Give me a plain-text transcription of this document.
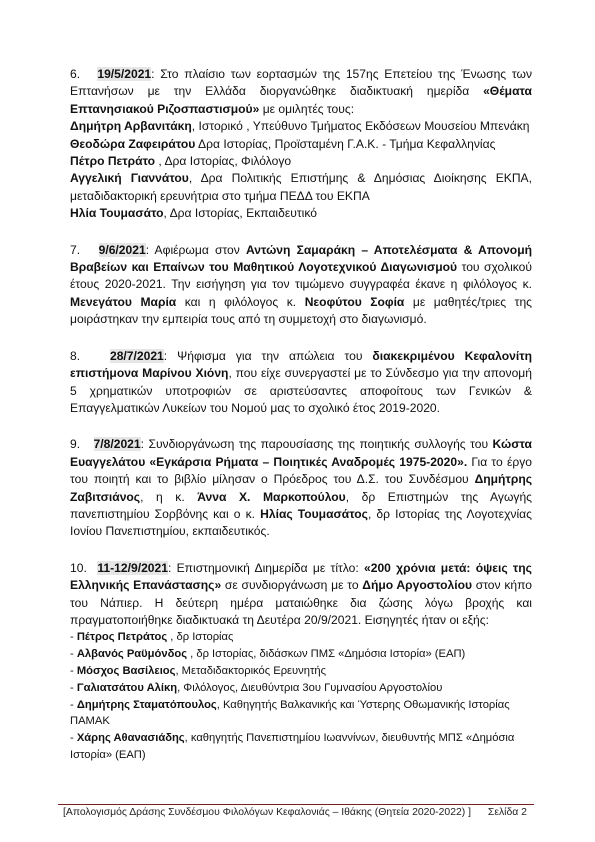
6. 19/5/2021: Στο πλαίσιο των εορτασμών της 157ης Επετείου της Ένωσης των Επτανήσων με την Ελλάδα διοργανώθηκε διαδικτυακή ημερίδα «Θέματα Επτανησιακού Ριζοσπαστισμού» με ομιλητές τους:

Δημήτρη Αρβανιτάκη, Ιστορικό , Υπεύθυνο Τμήματος Εκδόσεων Μουσείου Μπενάκη

Θεοδώρα Ζαφειράτου Δρα Ιστορίας, Προϊσταμένη Γ.Α.Κ. - Τμήμα Κεφαλληνίας

Πέτρο Πετράτο , Δρα Ιστορίας, Φιλόλογο

Αγγελική Γιαννάτου, Δρα Πολιτικής Επιστήμης & Δημόσιας Διοίκησης ΕΚΠΑ, μεταδιδακτορική ερευνήτρια στο τμήμα ΠΕΔΔ του ΕΚΠΑ

Ηλία Τουμασάτο, Δρα Ιστορίας, Εκπαιδευτικό

7. 9/6/2021: Αφιέρωμα στον Αντώνη Σαμαράκη – Αποτελέσματα & Απονομή Βραβείων και Επαίνων του Μαθητικού Λογοτεχνικού Διαγωνισμού του σχολικού έτους 2020-2021. Την εισήγηση για τον τιμώμενο συγγραφέα έκανε η φιλόλογος κ. Μενεγάτου Μαρία και η φιλόλογος κ. Νεοφύτου Σοφία με μαθητές/τριες της μοιράστηκαν την εμπειρία τους από τη συμμετοχή στο διαγωνισμό.

8. 28/7/2021: Ψήφισμα για την απώλεια του διακεκριμένου Κεφαλονίτη επιστήμονα Μαρίνου Χιόνη, που είχε συνεργαστεί με το Σύνδεσμο για την απονομή 5 χρηματικών υποτροφιών σε αριστεύσαντες αποφοίτους των Γενικών & Επαγγελματικών Λυκείων του Νομού μας το σχολικό έτος 2019-2020.

9. 7/8/2021: Συνδιοργάνωση της παρουσίασης της ποιητικής συλλογής του Κώστα Ευαγγελάτου «Εγκάρσια Ρήματα – Ποιητικές Αναδρομές 1975-2020». Για το έργο του ποιητή και το βιβλίο μίλησαν ο Πρόεδρος του Δ.Σ. του Συνδέσμου Δημήτρης Ζαβιτσιάνος, η κ. Άννα Χ. Μαρκοπούλου, δρ Επιστημών της Αγωγής πανεπιστημίου Σορβόνης και ο κ. Ηλίας Τουμασάτος, δρ Ιστορίας της Λογοτεχνίας Ιονίου Πανεπιστημίου, εκπαιδευτικός.

10. 11-12/9/2021: Επιστημονική Διημερίδα με τίτλο: «200 χρόνια μετά: όψεις της Ελληνικής Επανάστασης» σε συνδιοργάνωση με το Δήμο Αργοστολίου στον κήπο του Νάπιερ. Η δεύτερη ημέρα ματαιώθηκε δια ζώσης λόγω βροχής και πραγματοποιήθηκε διαδικτυακά τη Δευτέρα 20/9/2021. Εισηγητές ήταν οι εξής:

- Πέτρος Πετράτος , δρ Ιστορίας
- Αλβανός Ραϋμόνδος , δρ Ιστορίας, διδάσκων ΠΜΣ «Δημόσια Ιστορία» (ΕΑΠ)
- Μόσχος Βασίλειος, Μεταδιδακτορικός Ερευνητής
- Γαλιατσάτου Αλίκη, Φιλόλογος, Διευθύντρια 3ου Γυμνασίου Αργοστολίου
- Δημήτρης Σταματόπουλος, Καθηγητής Βαλκανικής και Ύστερης Οθωμανικής Ιστορίας ΠΑΜΑΚ
- Χάρης Αθανασιάδης, καθηγητής Πανεπιστημίου Ιωαννίνων, διευθυντής ΜΠΣ «Δημόσια Ιστορία» (ΕΑΠ)
[Απολογισμός Δράσης Συνδέσμου Φιλολόγων Κεφαλονιάς – Ιθάκης (Θητεία 2020-2022) ] Σελίδα 2
